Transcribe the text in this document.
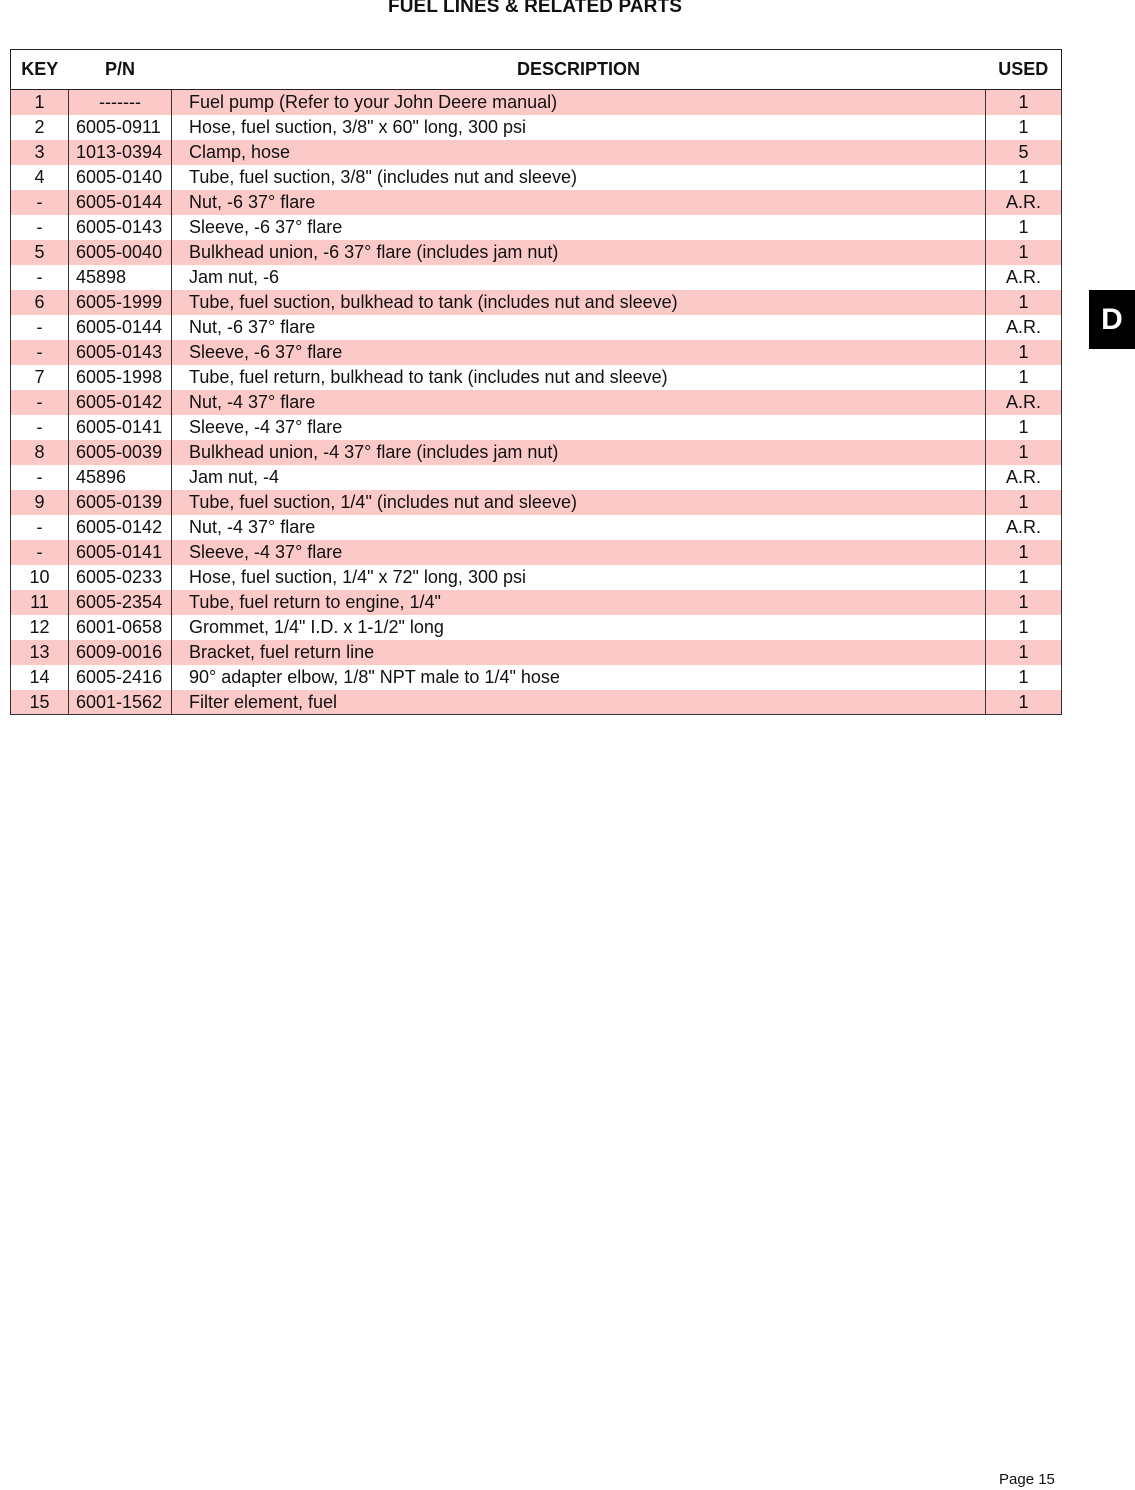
FUEL LINES & RELATED PARTS
KEY	P/N	DESCRIPTION	USED
1	-------	Fuel pump (Refer to your John Deere manual)	1
2	6005-0911	Hose, fuel suction, 3/8" x 60" long, 300 psi	1
3	1013-0394	Clamp, hose	5
4	6005-0140	Tube, fuel suction, 3/8" (includes nut and sleeve)	1
-	6005-0144	Nut, -6 37° flare	A.R.
-	6005-0143	Sleeve, -6 37° flare	1
5	6005-0040	Bulkhead union, -6 37° flare (includes jam nut)	1
-	45898	Jam nut, -6	A.R.
6	6005-1999	Tube, fuel suction, bulkhead to tank (includes nut and sleeve)	1
-	6005-0144	Nut, -6 37° flare	A.R.
-	6005-0143	Sleeve, -6 37° flare	1
7	6005-1998	Tube, fuel return, bulkhead to tank (includes nut and sleeve)	1
-	6005-0142	Nut, -4 37° flare	A.R.
-	6005-0141	Sleeve, -4 37° flare	1
8	6005-0039	Bulkhead union, -4 37° flare (includes jam nut)	1
-	45896	Jam nut, -4	A.R.
9	6005-0139	Tube, fuel suction, 1/4" (includes nut and sleeve)	1
-	6005-0142	Nut, -4 37° flare	A.R.
-	6005-0141	Sleeve, -4 37° flare	1
10	6005-0233	Hose, fuel suction, 1/4" x 72" long, 300 psi	1
11	6005-2354	Tube, fuel return to engine, 1/4"	1
12	6001-0658	Grommet, 1/4" I.D. x 1-1/2" long	1
13	6009-0016	Bracket, fuel return line	1
14	6005-2416	90° adapter elbow, 1/8" NPT male to 1/4" hose	1
15	6001-1562	Filter element, fuel	1
D
Page 15
